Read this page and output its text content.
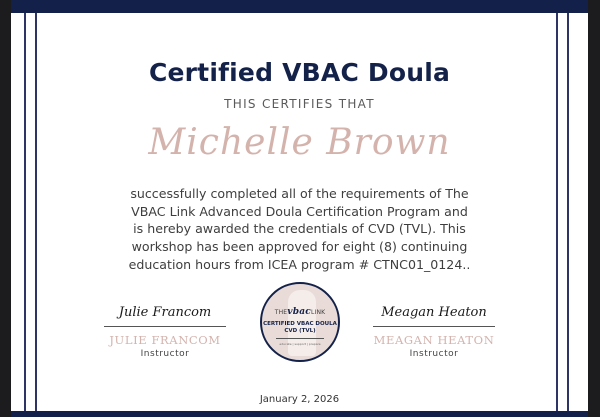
Certified VBAC Doula
THIS CERTIFIES THAT
Michelle Brown
successfully completed all of the requirements of The
VBAC Link Advanced Doula Certification Program and
is hereby awarded the credentials of CVD (TVL). This
workshop has been approved for eight (8) continuing
education hours from ICEA program # CTNC01_0124..
Julie Francom
JULIE FRANCOM
Instructor
THEvbacLINK
CERTIFIED VBAC DOULA
CVD (TVL)
educate | support | prepare
Meagan Heaton
MEAGAN HEATON
Instructor
January 2, 2026
